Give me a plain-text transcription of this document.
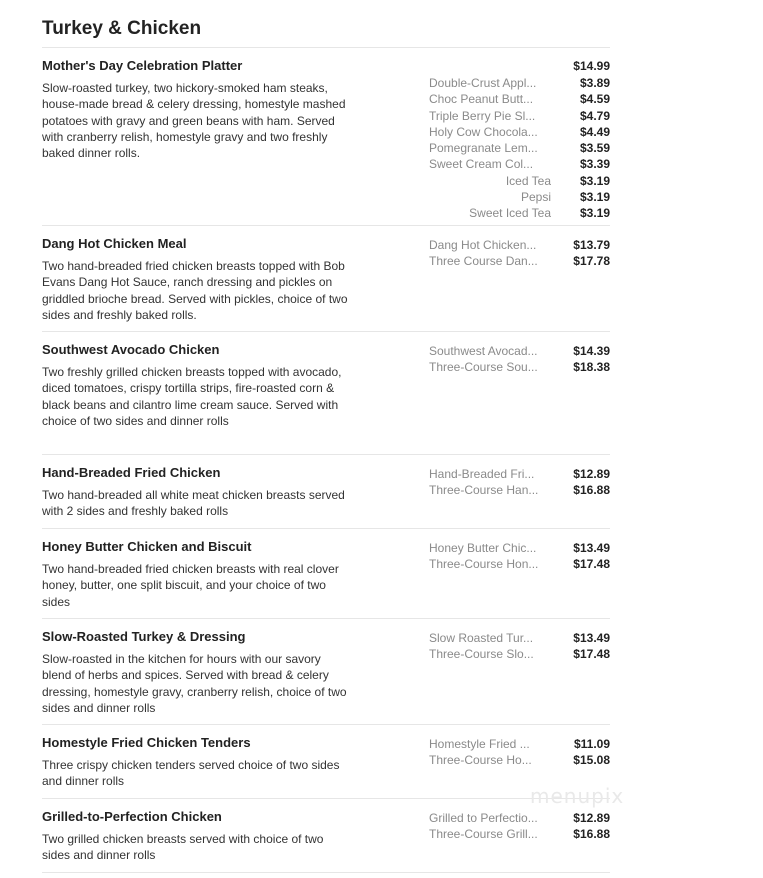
Turkey & Chicken
Mother's Day Celebration Platter
Slow-roasted turkey, two hickory-smoked ham steaks, house-made bread & celery dressing, homestyle mashed potatoes with gravy and green beans with ham. Served with cranberry relish, homestyle gravy and two freshly baked dinner rolls.
$14.99
Double-Crust Appl...	$3.89
Choc Peanut Butt...	$4.59
Triple Berry Pie Sl...	$4.79
Holy Cow Chocola...	$4.49
Pomegranate Lem...	$3.59
Sweet Cream Col...	$3.39
Iced Tea $3.19
Pepsi $3.19
Sweet Iced Tea $3.19
Dang Hot Chicken Meal
Two hand-breaded fried chicken breasts topped with Bob Evans Dang Hot Sauce, ranch dressing and pickles on griddled brioche bread. Served with pickles, choice of two sides and freshly baked rolls.
Dang Hot Chicken...	$13.79
Three Course Dan...	$17.78
Southwest Avocado Chicken
Two freshly grilled chicken breasts topped with avocado, diced tomatoes, crispy tortilla strips, fire-roasted corn & black beans and cilantro lime cream sauce. Served with choice of two sides and dinner rolls
Southwest Avocad...	$14.39
Three-Course Sou...	$18.38
Hand-Breaded Fried Chicken
Two hand-breaded all white meat chicken breasts served with 2 sides and freshly baked rolls
Hand-Breaded Fri...	$12.89
Three-Course Han...	$16.88
Honey Butter Chicken and Biscuit
Two hand-breaded fried chicken breasts with real clover honey, butter, one split biscuit, and your choice of two sides
Honey Butter Chic...	$13.49
Three-Course Hon...	$17.48
Slow-Roasted Turkey & Dressing
Slow-roasted in the kitchen for hours with our savory blend of herbs and spices. Served with bread & celery dressing, homestyle gravy, cranberry relish, choice of two sides and dinner rolls
Slow Roasted Tur...	$13.49
Three-Course Slo...	$17.48
Homestyle Fried Chicken Tenders
Three crispy chicken tenders served choice of two sides and dinner rolls
Homestyle Fried ...	$11.09
Three-Course Ho...	$15.08
Grilled-to-Perfection Chicken
Two grilled chicken breasts served with choice of two sides and dinner rolls
Grilled to Perfectio...	$12.89
Three-Course Grill...	$16.88
menupix
